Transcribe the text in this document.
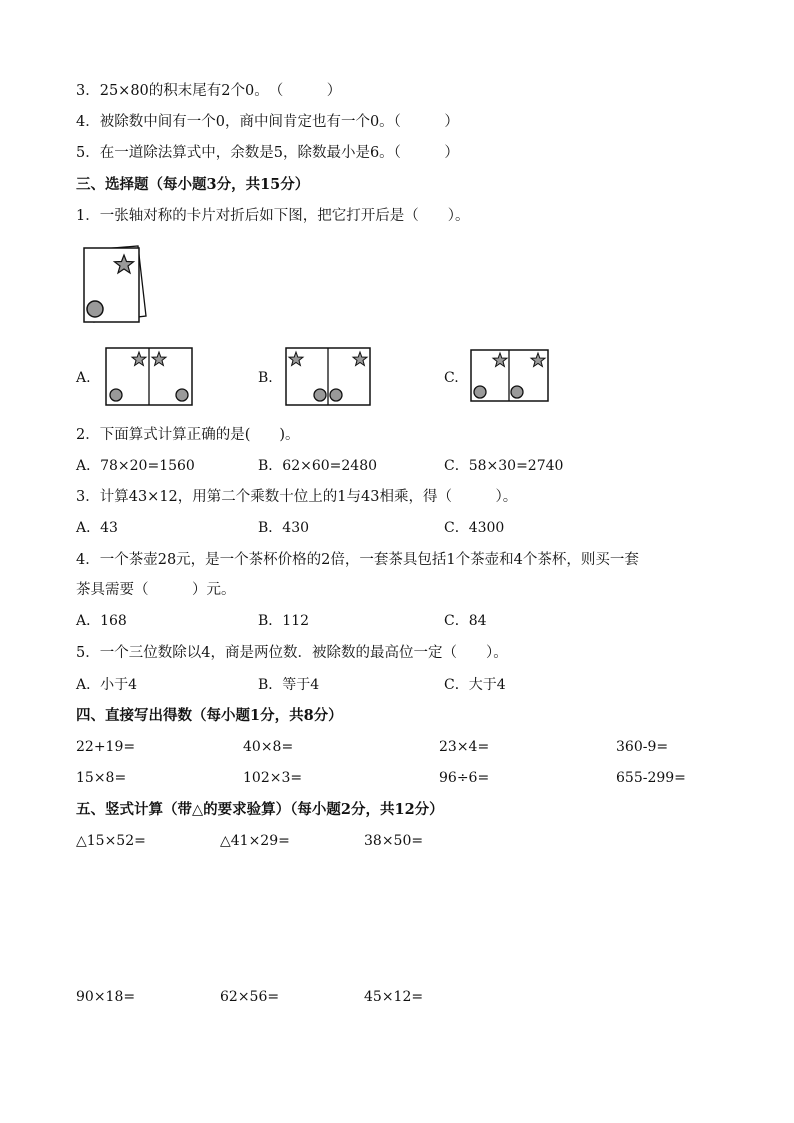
3．25×80的积末尾有2个0。　（　　　）
4．被除数中间有一个0，商中间肯定也有一个0。（　　　）
5．在一道除法算式中，余数是5，除数最小是6。（　　　）
三、选择题（每小题3分，共15分）
1．一张轴对称的卡片对折后如下图，把它打开后是（　　）。
A.	B.	C.
2．下面算式计算正确的是(　　)。
A．78×20=1560	B．62×60=2480	C．58×30=2740
3．计算43×12，用第二个乘数十位上的1与43相乘，得（　　　）。
A．43	B．430	C．4300
4．一个茶壶28元，是一个茶杯价格的2倍，一套茶具包括1个茶壶和4个茶杯，则买一套
茶具需要（　　　）元。
A．168	B．112	C．84
5．一个三位数除以4，商是两位数．被除数的最高位一定（　　）。
A．小于4	B．等于4	C．大于4
四、直接写出得数（每小题1分，共8分）
22+19=	40×8=	23×4=	360-9=
15×8=	102×3=	96÷6=	655-299=
五、竖式计算（带△的要求验算）（每小题2分，共12分）
△15×52=	△41×29=	38×50=
90×18=	62×56=	45×12=
